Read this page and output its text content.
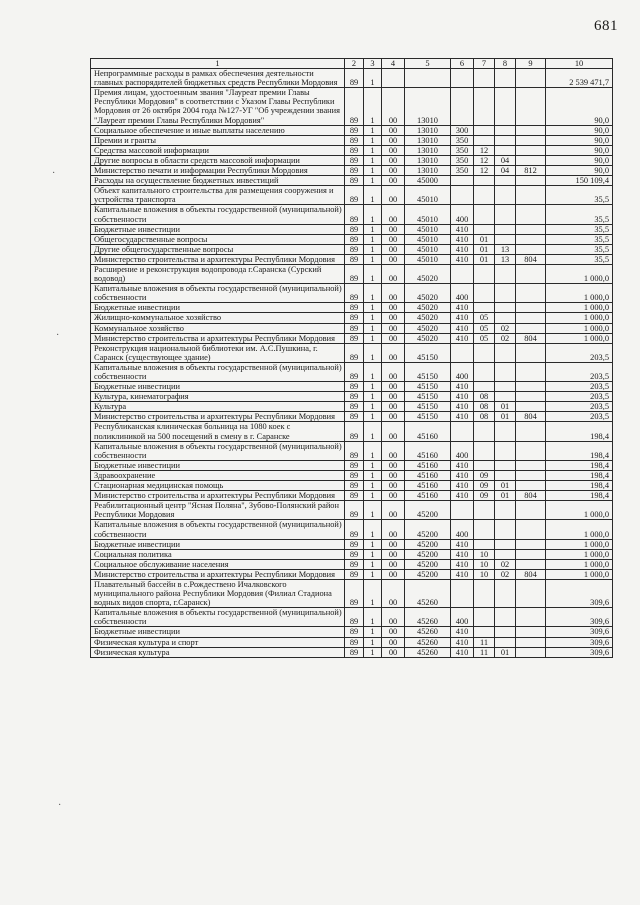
681
·
·
·
1	2	3	4	5	6	7	8	9	10
Непрограммные расходы в рамках обеспечения деятельности главных распорядителей бюджетных средств Республики Мордовия	89	1							2 539 471,7
Премия лицам, удостоенным звания "Лауреат премии Главы Республики Мордовия" в соответствии с Указом Главы Республики Мордовия от 26 октября 2004 года №127-УГ "Об учреждении звания "Лауреат премии Главы Республики Мордовия"	89	1	00	13010					90,0
Социальное обеспечение и иные выплаты населению	89	1	00	13010	300				90,0
Премии и гранты	89	1	00	13010	350				90,0
Средства массовой информации	89	1	00	13010	350	12			90,0
Другие вопросы в области средств массовой информации	89	1	00	13010	350	12	04		90,0
Министерство печати и информации Республики Мордовия	89	1	00	13010	350	12	04	812	90,0
Расходы на осуществление бюджетных инвестиций	89	1	00	45000					150 109,4
Объект капитального строительства для размещения сооружения и устройства транспорта	89	1	00	45010					35,5
Капитальные вложения в объекты государственной (муниципальной) собственности	89	1	00	45010	400				35,5
Бюджетные инвестиции	89	1	00	45010	410				35,5
Общегосударственные вопросы	89	1	00	45010	410	01			35,5
Другие общегосударственные вопросы	89	1	00	45010	410	01	13		35,5
Министерство строительства и архитектуры Республики Мордовия	89	1	00	45010	410	01	13	804	35,5
Расширение и реконструкция водопровода г.Саранска (Сурский водовод)	89	1	00	45020					1 000,0
Капитальные вложения в объекты государственной (муниципальной) собственности	89	1	00	45020	400				1 000,0
Бюджетные инвестиции	89	1	00	45020	410				1 000,0
Жилищно-коммунальное хозяйство	89	1	00	45020	410	05			1 000,0
Коммунальное хозяйство	89	1	00	45020	410	05	02		1 000,0
Министерство строительства и архитектуры Республики Мордовия	89	1	00	45020	410	05	02	804	1 000,0
Реконструкция национальной библиотеки им. А.С.Пушкина, г. Саранск (существующее здание)	89	1	00	45150					203,5
Капитальные вложения в объекты государственной (муниципальной) собственности	89	1	00	45150	400				203,5
Бюджетные инвестиции	89	1	00	45150	410				203,5
Культура, кинематография	89	1	00	45150	410	08			203,5
Культура	89	1	00	45150	410	08	01		203,5
Министерство строительства и архитектуры Республики Мордовия	89	1	00	45150	410	08	01	804	203,5
Республиканская клиническая больница на 1080 коек с поликлиникой на 500 посещений в смену в г. Саранске	89	1	00	45160					198,4
Капитальные вложения в объекты государственной (муниципальной) собственности	89	1	00	45160	400				198,4
Бюджетные инвестиции	89	1	00	45160	410				198,4
Здравоохранение	89	1	00	45160	410	09			198,4
Стационарная медицинская помощь	89	1	00	45160	410	09	01		198,4
Министерство строительства и архитектуры Республики Мордовия	89	1	00	45160	410	09	01	804	198,4
Реабилитационный центр "Ясная Поляна", Зубово-Полянский район Республики Мордовия	89	1	00	45200					1 000,0
Капитальные вложения в объекты государственной (муниципальной) собственности	89	1	00	45200	400				1 000,0
Бюджетные инвестиции	89	1	00	45200	410				1 000,0
Социальная политика	89	1	00	45200	410	10			1 000,0
Социальное обслуживание населения	89	1	00	45200	410	10	02		1 000,0
Министерство строительства и архитектуры Республики Мордовия	89	1	00	45200	410	10	02	804	1 000,0
Плавательный бассейн в с.Рождествено Ичалковского муниципального района Республики Мордовия (Филиал Стадиона водных видов спорта, г.Саранск)	89	1	00	45260					309,6
Капитальные вложения в объекты государственной (муниципальной) собственности	89	1	00	45260	400				309,6
Бюджетные инвестиции	89	1	00	45260	410				309,6
Физическая культура и спорт	89	1	00	45260	410	11			309,6
Физическая культура	89	1	00	45260	410	11	01		309,6
